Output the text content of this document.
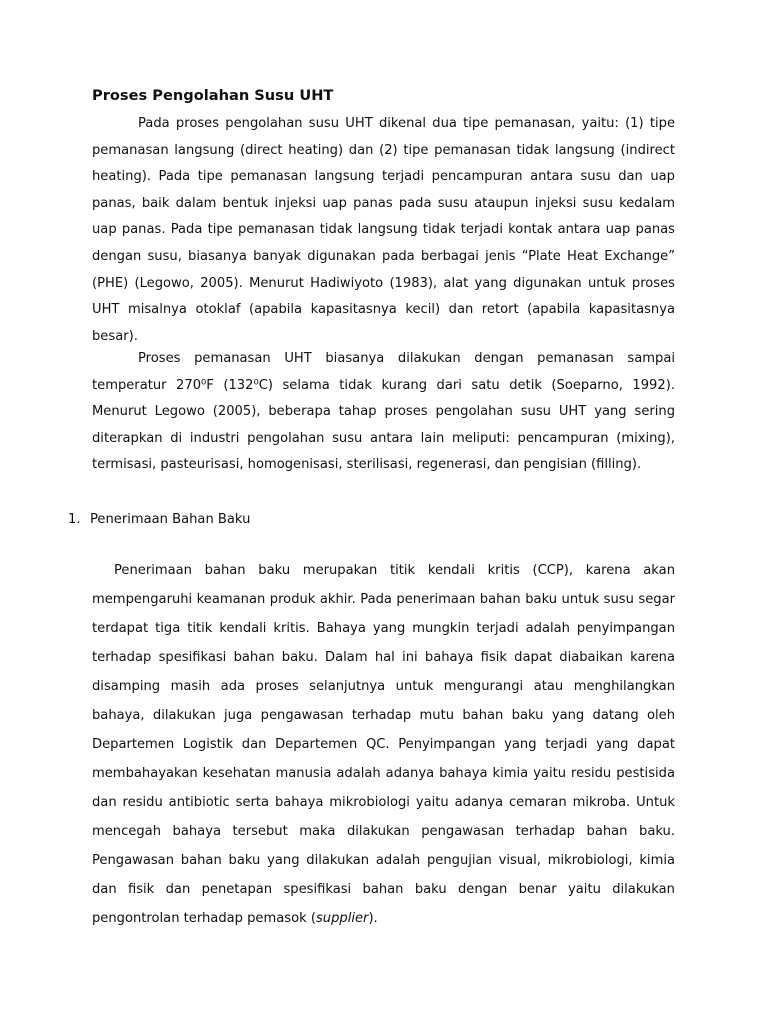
Proses Pengolahan Susu UHT

Pada proses pengolahan susu UHT dikenal dua tipe pemanasan, yaitu: (1) tipe pemanasan langsung (direct heating) dan (2) tipe pemanasan tidak langsung (indirect heating). Pada tipe pemanasan langsung terjadi pencampuran antara susu dan uap panas, baik dalam bentuk injeksi uap panas pada susu ataupun injeksi susu kedalam uap panas. Pada tipe pemanasan tidak langsung tidak terjadi kontak antara uap panas dengan susu, biasanya banyak digunakan pada berbagai jenis “Plate Heat Exchange” (PHE) (Legowo, 2005). Menurut Hadiwiyoto (1983), alat yang digunakan untuk proses UHT misalnya otoklaf (apabila kapasitasnya kecil) dan retort (apabila kapasitasnya besar).

Proses pemanasan UHT biasanya dilakukan dengan pemanasan sampai temperatur 270⁰F (132⁰C) selama tidak kurang dari satu detik (Soeparno, 1992). Menurut Legowo (2005), beberapa tahap proses pengolahan susu UHT yang sering diterapkan di industri pengolahan susu antara lain meliputi: pencampuran (mixing), termisasi, pasteurisasi, homogenisasi, sterilisasi, regenerasi, dan pengisian (filling).

1. Penerimaan Bahan Baku

Penerimaan bahan baku merupakan titik kendali kritis (CCP), karena akan mempengaruhi keamanan produk akhir. Pada penerimaan bahan baku untuk susu segar terdapat tiga titik kendali kritis. Bahaya yang mungkin terjadi adalah penyimpangan terhadap spesifikasi bahan baku. Dalam hal ini bahaya fisik dapat diabaikan karena disamping masih ada proses selanjutnya untuk mengurangi atau menghilangkan bahaya, dilakukan juga pengawasan terhadap mutu bahan baku yang datang oleh Departemen Logistik dan Departemen QC. Penyimpangan yang terjadi yang dapat membahayakan kesehatan manusia adalah adanya bahaya kimia yaitu residu pestisida dan residu antibiotic serta bahaya mikrobiologi yaitu adanya cemaran mikroba. Untuk mencegah bahaya tersebut maka dilakukan pengawasan terhadap bahan baku. Pengawasan bahan baku yang dilakukan adalah pengujian visual, mikrobiologi, kimia dan fisik dan penetapan spesifikasi bahan baku dengan benar yaitu dilakukan pengontrolan terhadap pemasok (supplier).
